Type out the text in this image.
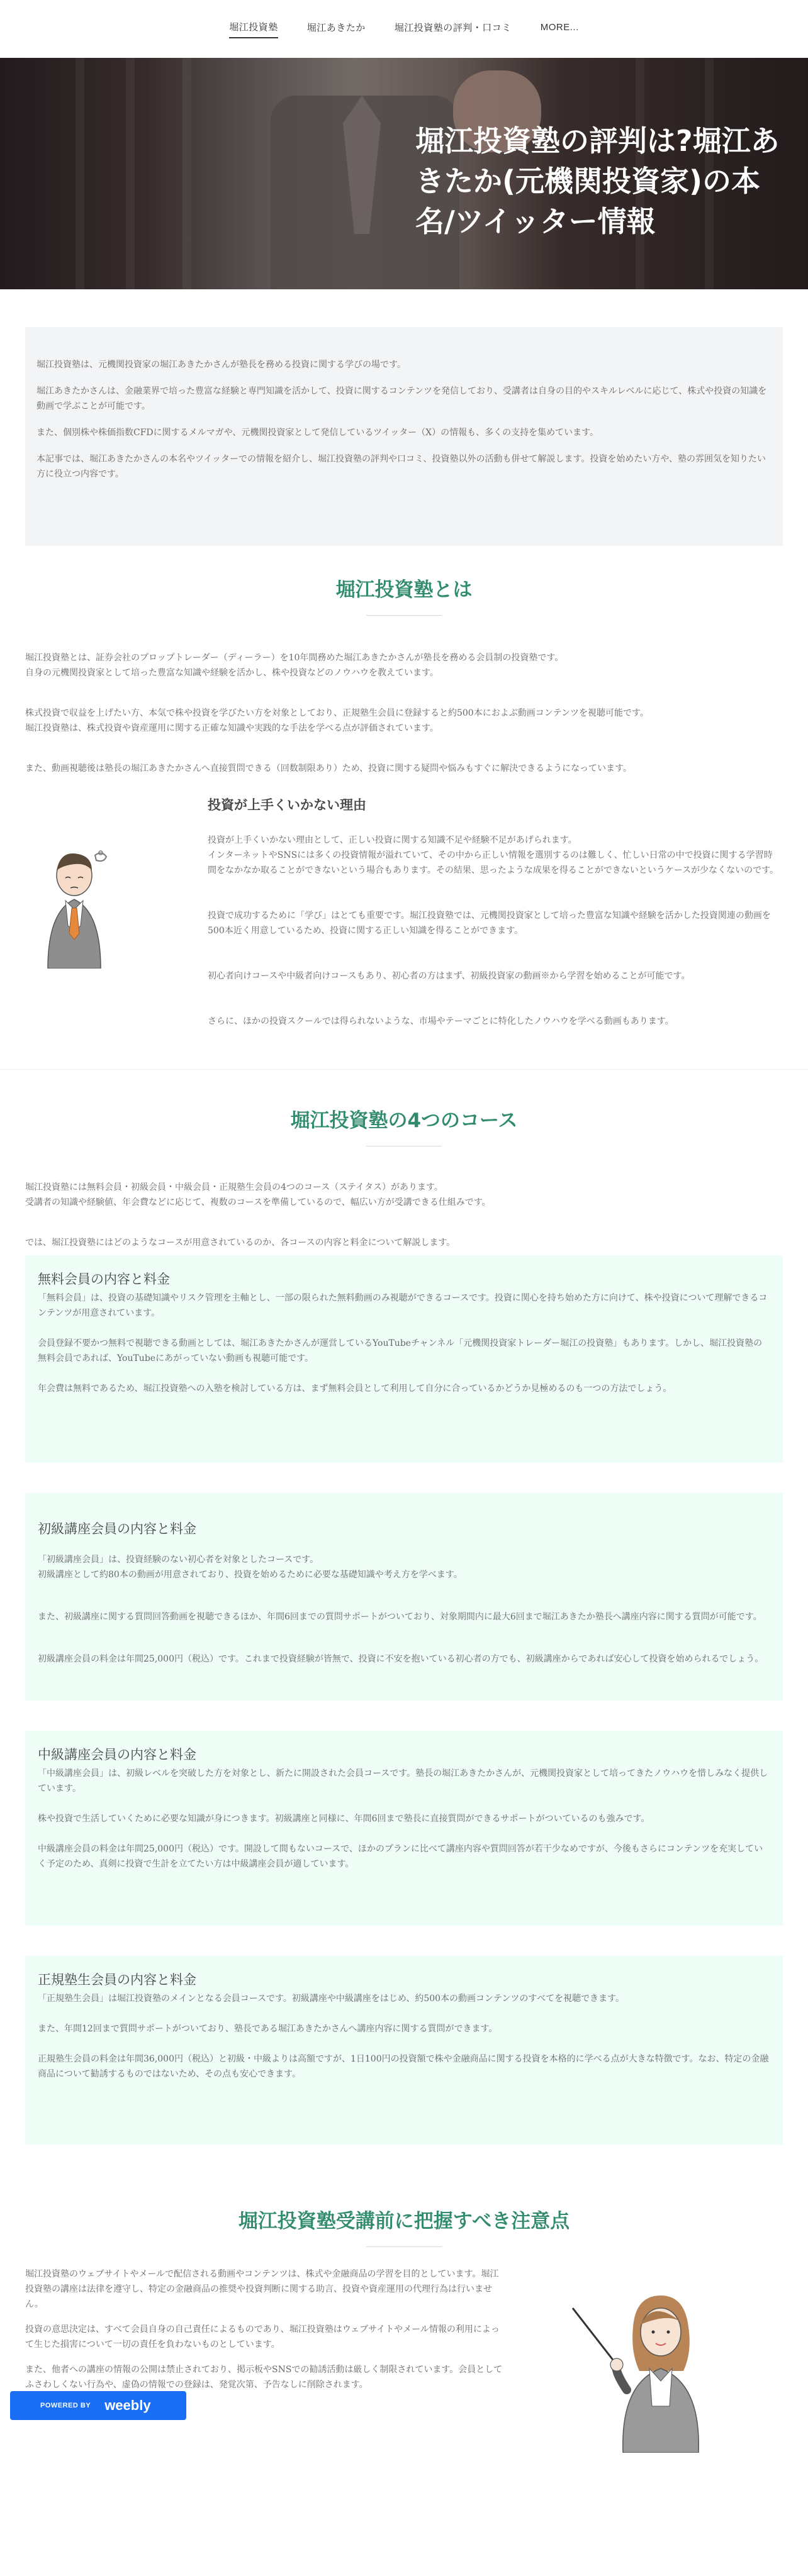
堀江投資塾	堀江あきたか	堀江投資塾の評判・口コミ	MORE...
堀江投資塾の評判は?堀江あきたか(元機関投資家)の本名/ツイッター情報

堀江投資塾は、元機関投資家の堀江あきたかさんが塾長を務める投資に関する学びの場です。

堀江あきたかさんは、金融業界で培った豊富な経験と専門知識を活かして、投資に関するコンテンツを発信しており、受講者は自身の目的やスキルレベルに応じて、株式や投資の知識を動画で学ぶことが可能です。

また、個別株や株価指数CFDに関するメルマガや、元機関投資家として発信しているツイッター（X）の情報も、多くの支持を集めています。

本記事では、堀江あきたかさんの本名やツイッターでの情報を紹介し、堀江投資塾の評判や口コミ、投資塾以外の活動も併せて解説します。投資を始めたい方や、塾の雰囲気を知りたい方に役立つ内容です。

堀江投資塾とは

堀江投資塾とは、証券会社のプロップトレーダー（ディーラー）を10年間務めた堀江あきたかさんが塾長を務める会員制の投資塾です。
自身の元機関投資家として培った豊富な知識や経験を活かし、株や投資などのノウハウを教えています。

株式投資で収益を上げたい方、本気で株や投資を学びたい方を対象としており、正規塾生会員に登録すると約500本におよぶ動画コンテンツを視聴可能です。
堀江投資塾は、株式投資や資産運用に関する正確な知識や実践的な手法を学べる点が評価されています。

また、動画視聴後は塾長の堀江あきたかさんへ直接質問できる（回数制限あり）ため、投資に関する疑問や悩みもすぐに解決できるようになっています。

投資が上手くいかない理由

投資が上手くいかない理由として、正しい投資に関する知識不足や経験不足があげられます。
インターネットやSNSには多くの投資情報が溢れていて、その中から正しい情報を選別するのは難しく、忙しい日常の中で投資に関する学習時間をなかなか取ることができないという場合もあります。その結果、思ったような成果を得ることができないというケースが少なくないのです。

投資で成功するために「学び」はとても重要です。堀江投資塾では、元機関投資家として培った豊富な知識や経験を活かした投資関連の動画を500本近く用意しているため、投資に関する正しい知識を得ることができます。

初心者向けコースや中級者向けコースもあり、初心者の方はまず、初級投資家の動画※から学習を始めることが可能です。

さらに、ほかの投資スクールでは得られないような、市場やテーマごとに特化したノウハウを学べる動画もあります。

堀江投資塾の4つのコース

堀江投資塾には無料会員・初級会員・中級会員・正規塾生会員の4つのコース（ステイタス）があります。
受講者の知識や経験値、年会費などに応じて、複数のコースを準備しているので、幅広い方が受講できる仕組みです。

では、堀江投資塾にはどのようなコースが用意されているのか、各コースの内容と料金について解説します。

無料会員の内容と料金

「無料会員」は、投資の基礎知識やリスク管理を主軸とし、一部の限られた無料動画のみ視聴ができるコースです。投資に関心を持ち始めた方に向けて、株や投資について理解できるコンテンツが用意されています。

会員登録不要かつ無料で視聴できる動画としては、堀江あきたかさんが運営しているYouTubeチャンネル「元機関投資家トレーダー堀江の投資塾」もあります。しかし、堀江投資塾の無料会員であれば、YouTubeにあがっていない動画も視聴可能です。

年会費は無料であるため、堀江投資塾への入塾を検討している方は、まず無料会員として利用して自分に合っているかどうか見極めるのも一つの方法でしょう。

初級講座会員の内容と料金

「初級講座会員」は、投資経験のない初心者を対象としたコースです。
初級講座として約80本の動画が用意されており、投資を始めるために必要な基礎知識や考え方を学べます。

また、初級講座に関する質問回答動画を視聴できるほか、年間6回までの質問サポートがついており、対象期間内に最大6回まで堀江あきたか塾長へ講座内容に関する質問が可能です。

初級講座会員の料金は年間25,000円（税込）です。これまで投資経験が皆無で、投資に不安を抱いている初心者の方でも、初級講座からであれば安心して投資を始められるでしょう。

中級講座会員の内容と料金

「中級講座会員」は、初級レベルを突破した方を対象とし、新たに開設された会員コースです。塾長の堀江あきたかさんが、元機関投資家として培ってきたノウハウを惜しみなく提供しています。

株や投資で生活していくために必要な知識が身につきます。初級講座と同様に、年間6回まで塾長に直接質問ができるサポートがついているのも強みです。

中級講座会員の料金は年間25,000円（税込）です。開設して間もないコースで、ほかのプランに比べて講座内容や質問回答が若干少なめですが、今後もさらにコンテンツを充実していく予定のため、真剣に投資で生計を立てたい方は中級講座会員が適しています。

正規塾生会員の内容と料金

「正規塾生会員」は堀江投資塾のメインとなる会員コースです。初級講座や中級講座をはじめ、約500本の動画コンテンツのすべてを視聴できます。

また、年間12回まで質問サポートがついており、塾長である堀江あきたかさんへ講座内容に関する質問ができます。

正規塾生会員の料金は年間36,000円（税込）と初級・中級よりは高額ですが、1日100円の投資額で株や金融商品に関する投資を本格的に学べる点が大きな特徴です。なお、特定の金融商品について勧誘するものではないため、その点も安心できます。

堀江投資塾受講前に把握すべき注意点

堀江投資塾のウェブサイトやメールで配信される動画やコンテンツは、株式や金融商品の学習を目的としています。堀江投資塾の講座は法律を遵守し、特定の金融商品の推奨や投資判断に関する助言、投資や資産運用の代理行為は行いません。

投資の意思決定は、すべて会員自身の自己責任によるものであり、堀江投資塾はウェブサイトやメール情報の利用によって生じた損害について一切の責任を負わないものとしています。

また、他者への講座の情報の公開は禁止されており、掲示板やSNSでの勧誘活動は厳しく制限されています。会員としてふさわしくない行為や、虚偽の情報での登録は、発覚次第、予告なしに削除されます。

POWERED BY weebly
